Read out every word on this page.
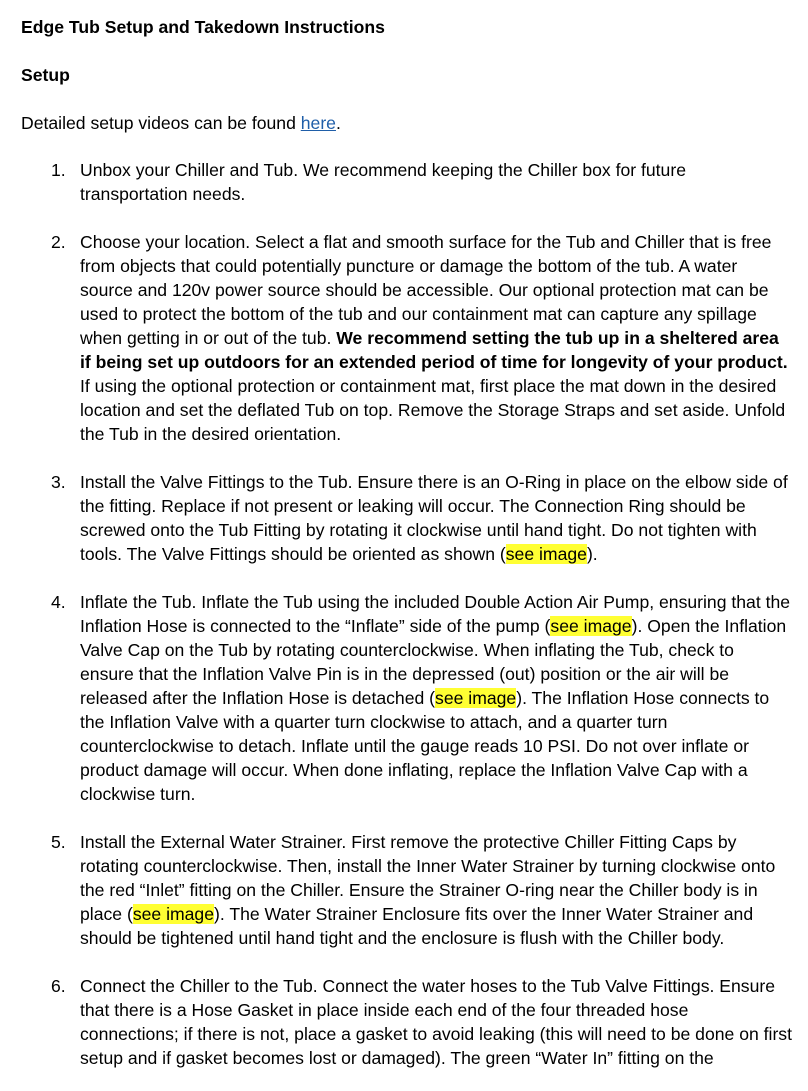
Edge Tub Setup and Takedown Instructions
Setup
Detailed setup videos can be found here.
1. Unbox your Chiller and Tub. We recommend keeping the Chiller box for future transportation needs.
2. Choose your location. Select a flat and smooth surface for the Tub and Chiller that is free from objects that could potentially puncture or damage the bottom of the tub. A water source and 120v power source should be accessible. Our optional protection mat can be used to protect the bottom of the tub and our containment mat can capture any spillage when getting in or out of the tub. We recommend setting the tub up in a sheltered area if being set up outdoors for an extended period of time for longevity of your product. If using the optional protection or containment mat, first place the mat down in the desired location and set the deflated Tub on top. Remove the Storage Straps and set aside. Unfold the Tub in the desired orientation.
3. Install the Valve Fittings to the Tub. Ensure there is an O-Ring in place on the elbow side of the fitting. Replace if not present or leaking will occur. The Connection Ring should be screwed onto the Tub Fitting by rotating it clockwise until hand tight. Do not tighten with tools. The Valve Fittings should be oriented as shown (see image).
4. Inflate the Tub. Inflate the Tub using the included Double Action Air Pump, ensuring that the Inflation Hose is connected to the “Inflate” side of the pump (see image). Open the Inflation Valve Cap on the Tub by rotating counterclockwise. When inflating the Tub, check to ensure that the Inflation Valve Pin is in the depressed (out) position or the air will be released after the Inflation Hose is detached (see image). The Inflation Hose connects to the Inflation Valve with a quarter turn clockwise to attach, and a quarter turn counterclockwise to detach. Inflate until the gauge reads 10 PSI. Do not over inflate or product damage will occur. When done inflating, replace the Inflation Valve Cap with a clockwise turn.
5. Install the External Water Strainer. First remove the protective Chiller Fitting Caps by rotating counterclockwise. Then, install the Inner Water Strainer by turning clockwise onto the red “Inlet” fitting on the Chiller. Ensure the Strainer O-ring near the Chiller body is in place (see image). The Water Strainer Enclosure fits over the Inner Water Strainer and should be tightened until hand tight and the enclosure is flush with the Chiller body.
6. Connect the Chiller to the Tub. Connect the water hoses to the Tub Valve Fittings. Ensure that there is a Hose Gasket in place inside each end of the four threaded hose connections; if there is not, place a gasket to avoid leaking (this will need to be done on first setup and if gasket becomes lost or damaged). The green “Water In” fitting on the
